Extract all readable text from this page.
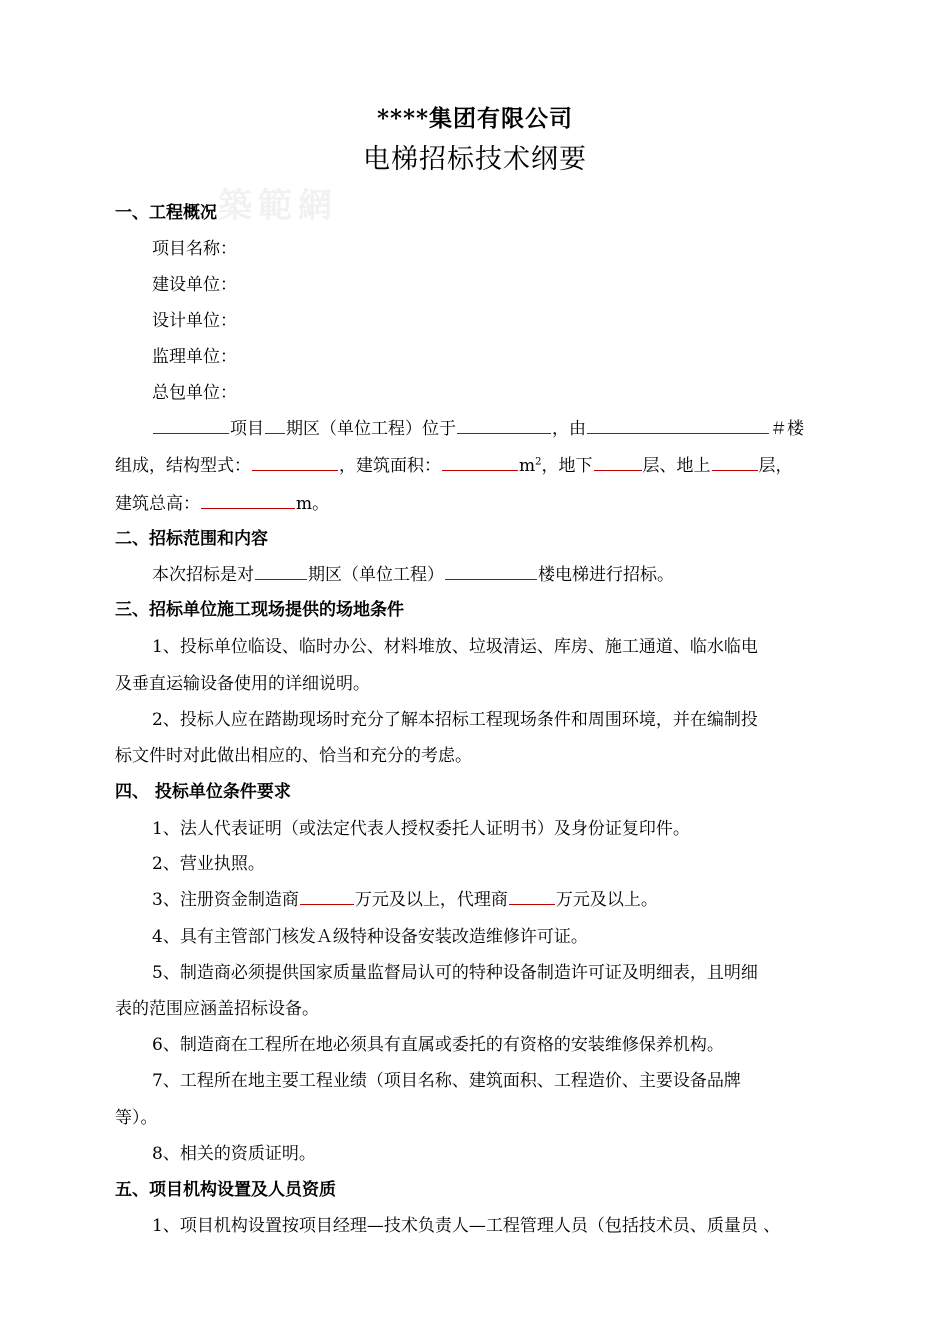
築範網
****集团有限公司
电梯招标技术纲要
一、工程概况
项目名称：
建设单位：
设计单位：
监理单位：
总包单位：
项目 期区（单位工程）位于	，由	＃楼
组成，结构型式：	，建筑面积：	$m^2$，地下	层、地上	层，
建筑总高：	m。
二、招标范围和内容
本次招标是对	期区（单位工程）	楼电梯进行招标。
三、招标单位施工现场提供的场地条件
1、投标单位临设、临时办公、材料堆放、垃圾清运、库房、施工通道、临水临电
及垂直运输设备使用的详细说明。
2、投标人应在踏勘现场时充分了解本招标工程现场条件和周围环境，并在编制投
标文件时对此做出相应的、恰当和充分的考虑。
四、 投标单位条件要求
1、法人代表证明（或法定代表人授权委托人证明书）及身份证复印件。
2、营业执照。
3、注册资金制造商	万元及以上，代理商	万元及以上。
4、具有主管部门核发Ａ级特种设备安装改造维修许可证。
5、制造商必须提供国家质量监督局认可的特种设备制造许可证及明细表，且明细
表的范围应涵盖招标设备。
6、制造商在工程所在地必须具有直属或委托的有资格的安装维修保养机构。
7、工程所在地主要工程业绩（项目名称、建筑面积、工程造价、主要设备品牌
等）。
8、相关的资质证明。
五、项目机构设置及人员资质
1、项目机构设置按项目经理—技术负责人—工程管理人员（包括技术员、质量员 、
